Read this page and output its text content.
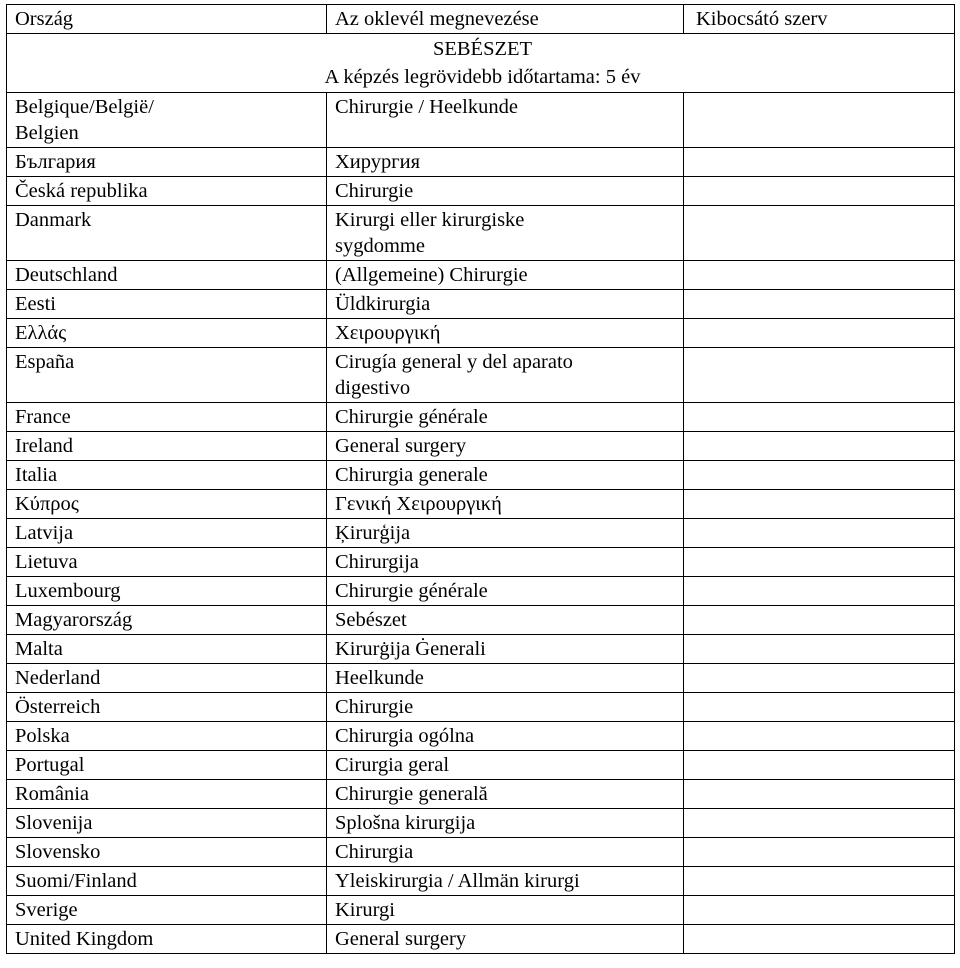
Ország	Az oklevél megnevezése	Kibocsátó szerv
SEBÉSZET
A képzés legrövidebb időtartama: 5 év		
Belgique/België/
Belgien	Chirurgie / Heelkunde	
България	Хирургия	
Česká republika	Chirurgie	
Danmark	Kirurgi eller kirurgiske
sygdomme	
Deutschland	(Allgemeine) Chirurgie	
Eesti	Üldkirurgia	
Ελλάς	Χειρουργική	
España	Cirugía general y del aparato
digestivo	
France	Chirurgie générale	
Ireland	General surgery	
Italia	Chirurgia generale	
Κύπρος	Γενική Χειρουργική	
Latvija	Ķirurģija	
Lietuva	Chirurgija	
Luxembourg	Chirurgie générale	
Magyarország	Sebészet	
Malta	Kirurġija Ġenerali	
Nederland	Heelkunde	
Österreich	Chirurgie	
Polska	Chirurgia ogólna	
Portugal	Cirurgia geral	
România	Chirurgie generală	
Slovenija	Splošna kirurgija	
Slovensko	Chirurgia	
Suomi/Finland	Yleiskirurgia / Allmän kirurgi	
Sverige	Kirurgi	
United Kingdom	General surgery	
